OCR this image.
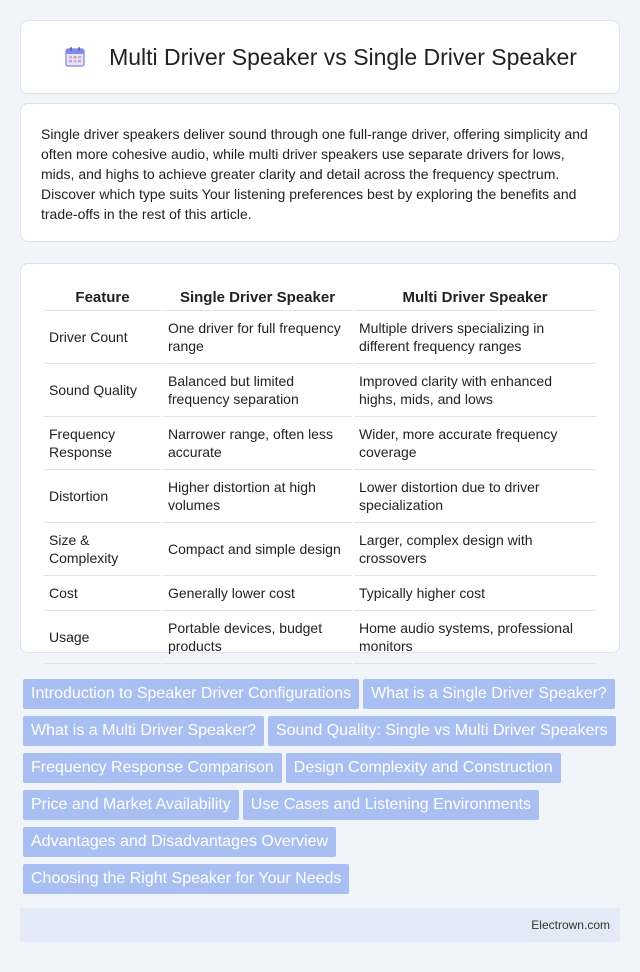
Multi Driver Speaker vs Single Driver Speaker

Single driver speakers deliver sound through one full-range driver, offering simplicity and often more cohesive audio, while multi driver speakers use separate drivers for lows, mids, and highs to achieve greater clarity and detail across the frequency spectrum. Discover which type suits Your listening preferences best by exploring the benefits and trade-offs in the rest of this article.

Feature	Single Driver Speaker	Multi Driver Speaker
Driver Count	One driver for full frequency range	Multiple drivers specializing in different frequency ranges
Sound Quality	Balanced but limited frequency separation	Improved clarity with enhanced highs, mids, and lows
Frequency Response	Narrower range, often less accurate	Wider, more accurate frequency coverage
Distortion	Higher distortion at high volumes	Lower distortion due to driver specialization
Size & Complexity	Compact and simple design	Larger, complex design with crossovers
Cost	Generally lower cost	Typically higher cost
Usage	Portable devices, budget products	Home audio systems, professional monitors
Introduction to Speaker Driver Configurations What is a Single Driver Speaker?
What is a Multi Driver Speaker? Sound Quality: Single vs Multi Driver Speakers
Frequency Response Comparison Design Complexity and Construction
Price and Market Availability Use Cases and Listening Environments
Advantages and Disadvantages Overview
Choosing the Right Speaker for Your Needs
Electrown.com
